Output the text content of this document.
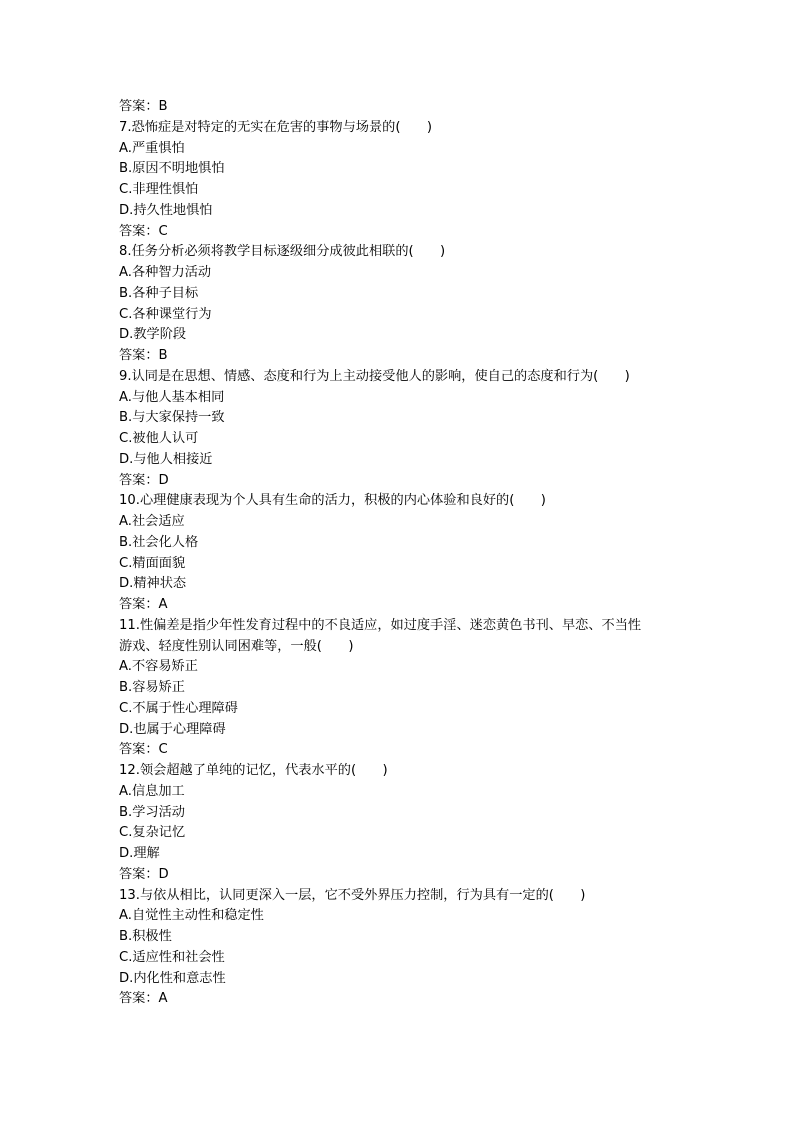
答案：B
7.恐怖症是对特定的无实在危害的事物与场景的(　　)
A.严重惧怕
B.原因不明地惧怕
C.非理性惧怕
D.持久性地惧怕
答案：C
8.任务分析必须将教学目标逐级细分成彼此相联的(　　)
A.各种智力活动
B.各种子目标
C.各种课堂行为
D.教学阶段
答案：B
9.认同是在思想、情感、态度和行为上主动接受他人的影响，使自己的态度和行为(　　)
A.与他人基本相同
B.与大家保持一致
C.被他人认可
D.与他人相接近
答案：D
10.心理健康表现为个人具有生命的活力，积极的内心体验和良好的(　　)
A.社会适应
B.社会化人格
C.精面面貌
D.精神状态
答案：A
11.性偏差是指少年性发育过程中的不良适应，如过度手淫、迷恋黄色书刊、早恋、不当性
游戏、轻度性别认同困难等，一般(　　)
A.不容易矫正
B.容易矫正
C.不属于性心理障碍
D.也属于心理障碍
答案：C
12.领会超越了单纯的记忆，代表水平的(　　)
A.信息加工
B.学习活动
C.复杂记忆
D.理解
答案：D
13.与依从相比，认同更深入一层，它不受外界压力控制，行为具有一定的(　　)
A.自觉性主动性和稳定性
B.积极性
C.适应性和社会性
D.内化性和意志性
答案：A
